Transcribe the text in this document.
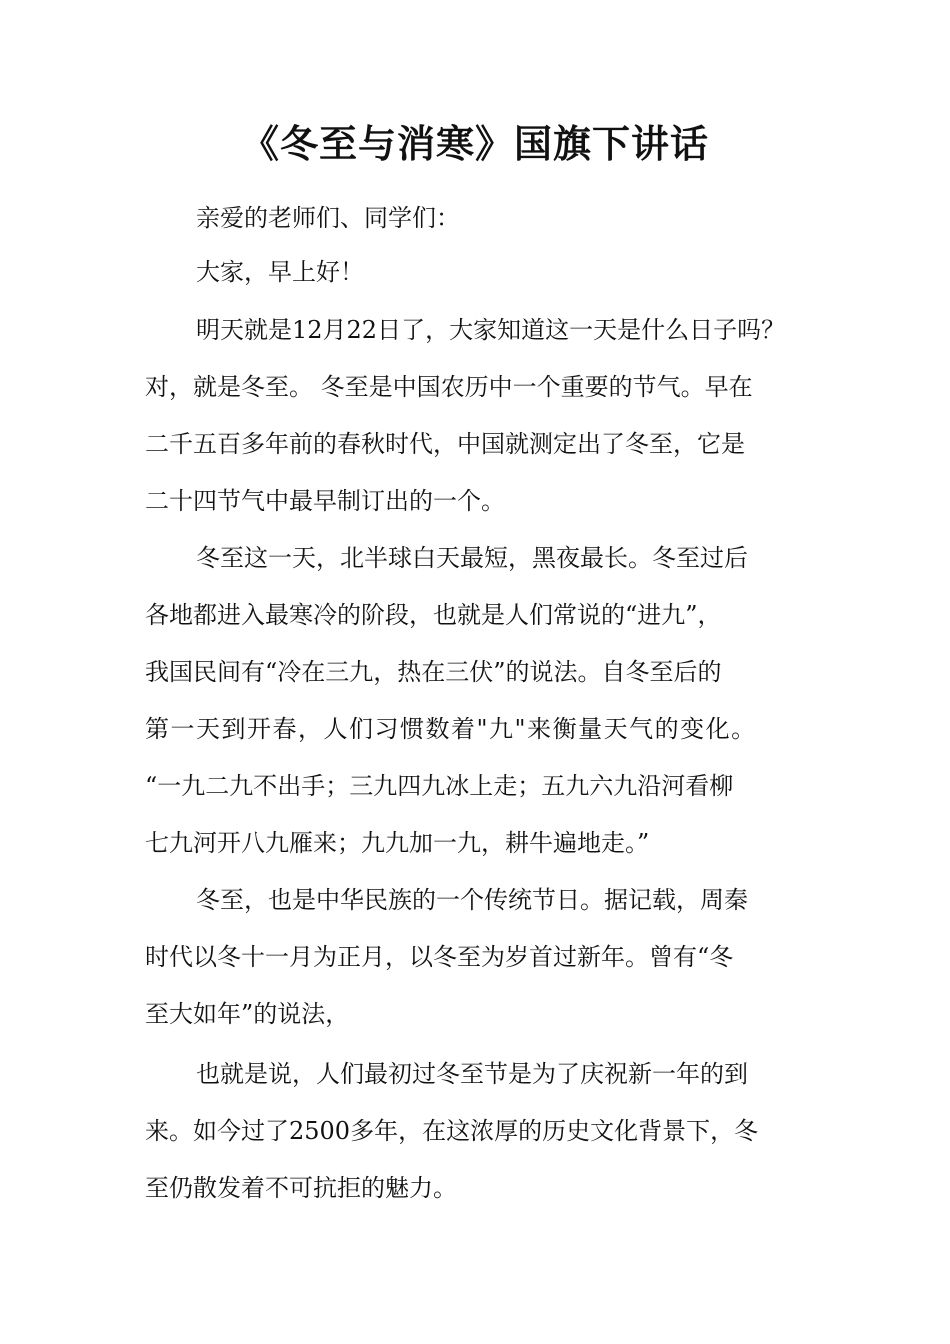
《冬至与消寒》国旗下讲话

亲爱的老师们、同学们：

大家，早上好！

明天就是12月22日了，大家知道这一天是什么日子吗？

对，就是冬至。 冬至是中国农历中一个重要的节气。早在

二千五百多年前的春秋时代，中国就测定出了冬至，它是

二十四节气中最早制订出的一个。

冬至这一天，北半球白天最短，黑夜最长。冬至过后

各地都进入最寒冷的阶段，也就是人们常说的“进九”，

我国民间有“冷在三九，热在三伏”的说法。自冬至后的

第一天到开春，人们习惯数着"九"来衡量天气的变化。

“一九二九不出手；三九四九冰上走；五九六九沿河看柳

七九河开八九雁来；九九加一九，耕牛遍地走。”

冬至，也是中华民族的一个传统节日。据记载，周秦

时代以冬十一月为正月，以冬至为岁首过新年。曾有“冬

至大如年”的说法，

也就是说，人们最初过冬至节是为了庆祝新一年的到

来。如今过了2500多年，在这浓厚的历史文化背景下，冬

至仍散发着不可抗拒的魅力。
